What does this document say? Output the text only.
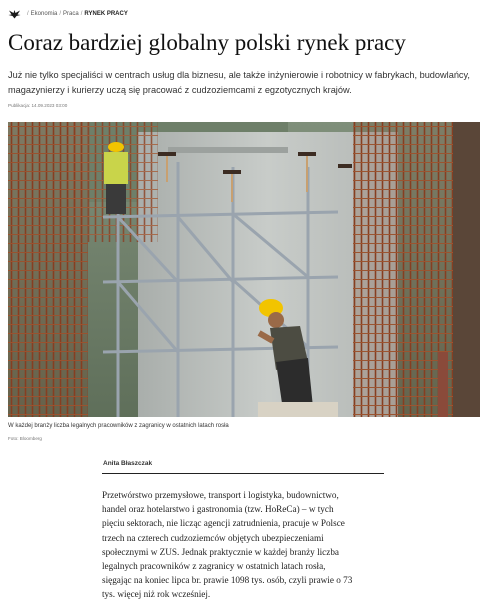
/ Ekonomia / Praca / RYNEK PRACY
Coraz bardziej globalny polski rynek pracy

Już nie tylko specjaliści w centrach usług dla biznesu, ale także inżynierowie i robotnicy w fabrykach, budowlańcy, magazynierzy i kurierzy uczą się pracować z cudzoziemcami z egzotycznych krajów.

Publikacja: 14.09.2023 03:00
W każdej branży liczba legalnych pracowników z zagranicy w ostatnich latach rosła
Foto: Bloomberg
Anita Błaszczak
Przetwórstwo przemysłowe, transport i logistyka, budownictwo,
handel oraz hotelarstwo i gastronomia (tzw. HoReCa) – w tych
pięciu sektorach, nie licząc agencji zatrudnienia, pracuje w Polsce
trzech na czterech cudzoziemców objętych ubezpieczeniami
społecznymi w ZUS. Jednak praktycznie w każdej branży liczba
legalnych pracowników z zagranicy w ostatnich latach rosła,
sięgając na koniec lipca br. prawie 1098 tys. osób, czyli prawie o 73
tys. więcej niż rok wcześniej.
